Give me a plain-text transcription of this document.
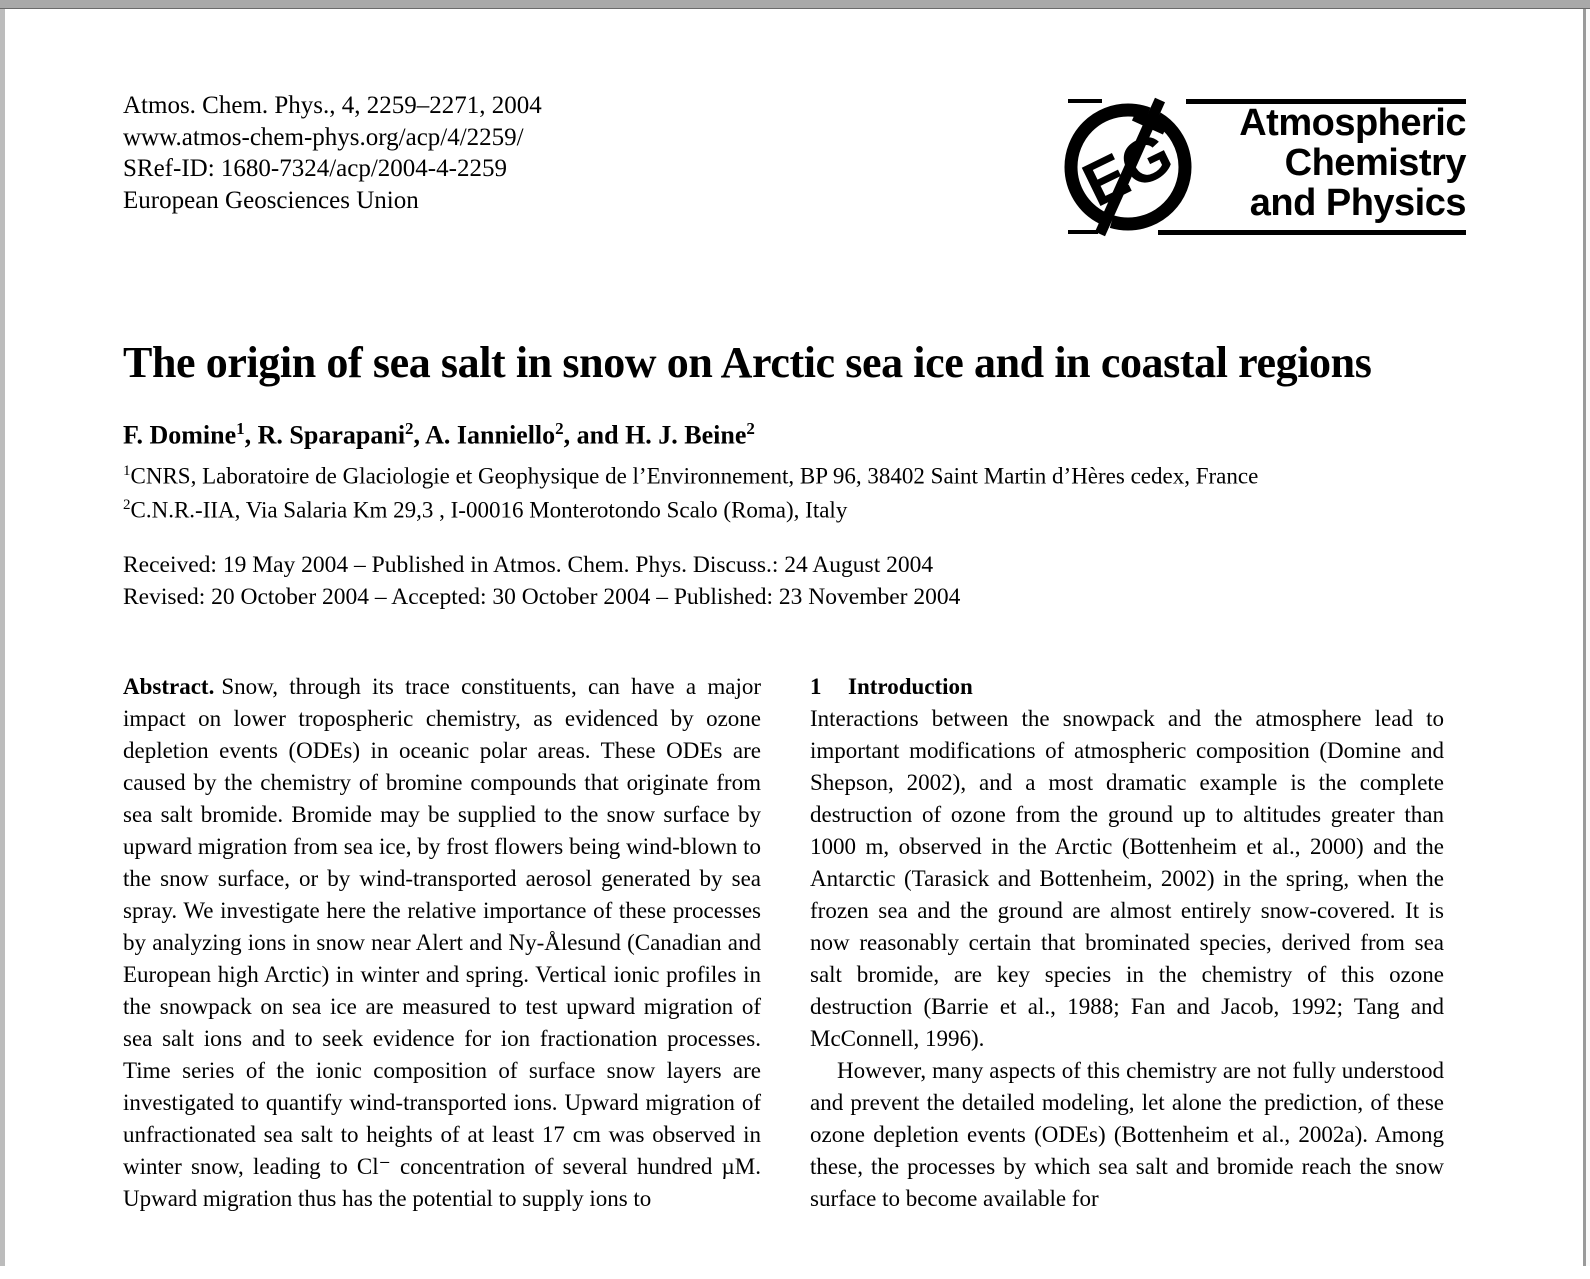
Atmos. Chem. Phys., 4, 2259–2271, 2004
www.atmos-chem-phys.org/acp/4/2259/
SRef-ID: 1680-7324/acp/2004-4-2259
European Geosciences Union	EG	Atmospheric
Chemistry
and Physics
The origin of sea salt in snow on Arctic sea ice and in coastal regions
F. Domine$^1$, R. Sparapani$^2$, A. Ianniello$^2$, and H. J. Beine$^2$
$^1$CNRS, Laboratoire de Glaciologie et Geophysique de l’Environnement, BP 96, 38402 Saint Martin d’Hères cedex, France
$^2$C.N.R.-IIA, Via Salaria Km 29,3 , I-00016 Monterotondo Scalo (Roma), Italy
Received: 19 May 2004 – Published in Atmos. Chem. Phys. Discuss.: 24 August 2004
Revised: 20 October 2004 – Accepted: 30 October 2004 – Published: 23 November 2004

Abstract. Snow, through its trace constituents, can have a major impact on lower tropospheric chemistry, as evidenced by ozone depletion events (ODEs) in oceanic polar areas. These ODEs are caused by the chemistry of bromine compounds that originate from sea salt bromide. Bromide may be supplied to the snow surface by upward migration from sea ice, by frost flowers being wind-blown to the snow surface, or by wind-transported aerosol generated by sea spray. We investigate here the relative importance of these processes by analyzing ions in snow near Alert and Ny-Ålesund (Canadian and European high Arctic) in winter and spring. Vertical ionic profiles in the snowpack on sea ice are measured to test upward migration of sea salt ions and to seek evidence for ion fractionation processes. Time series of the ionic composition of surface snow layers are investigated to quantify wind-transported ions. Upward migration of unfractionated sea salt to heights of at least 17 cm was observed in winter snow, leading to Cl⁻ concentration of several hundred µM. Upward migration thus has the potential to supply ions to

1 Introduction

Interactions between the snowpack and the atmosphere lead to important modifications of atmospheric composition (Domine and Shepson, 2002), and a most dramatic example is the complete destruction of ozone from the ground up to altitudes greater than 1000 m, observed in the Arctic (Bottenheim et al., 2000) and the Antarctic (Tarasick and Bottenheim, 2002) in the spring, when the frozen sea and the ground are almost entirely snow-covered. It is now reasonably certain that brominated species, derived from sea salt bromide, are key species in the chemistry of this ozone destruction (Barrie et al., 1988; Fan and Jacob, 1992; Tang and McConnell, 1996).

However, many aspects of this chemistry are not fully understood and prevent the detailed modeling, let alone the prediction, of these ozone depletion events (ODEs) (Bottenheim et al., 2002a). Among these, the processes by which sea salt and bromide reach the snow surface to become available for
